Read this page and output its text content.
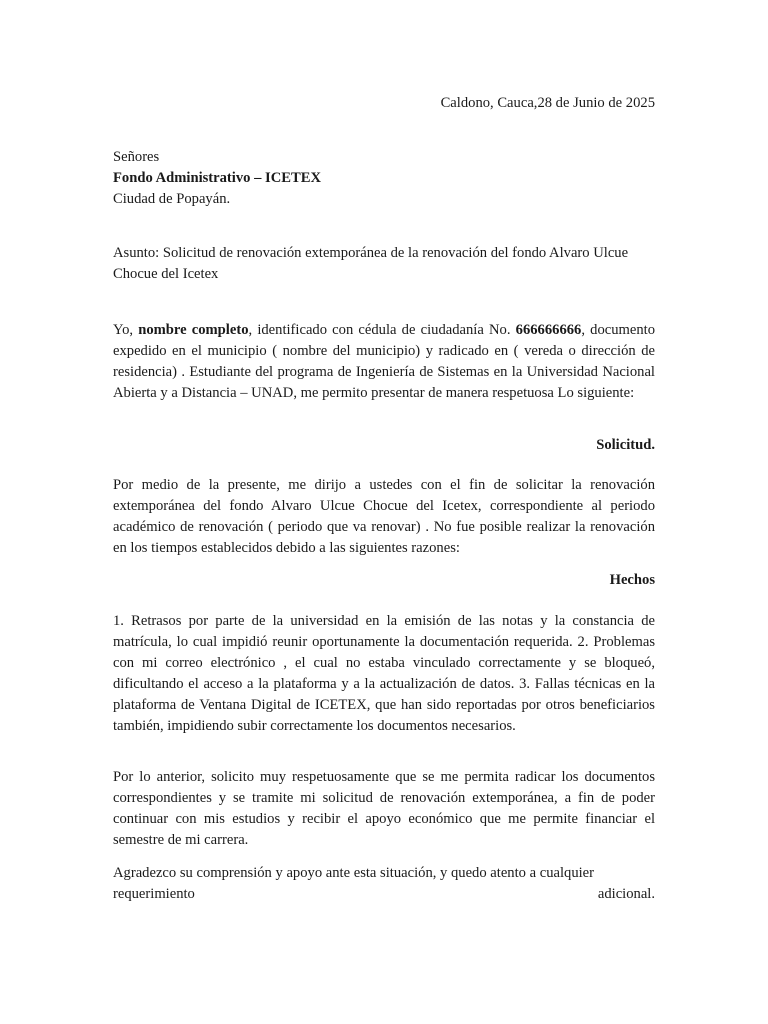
Caldono, Cauca,28 de Junio de 2025
Señores
Fondo Administrativo – ICETEX
Ciudad de Popayán.
Asunto: Solicitud de renovación extemporánea de la renovación del fondo Alvaro Ulcue Chocue del Icetex
Yo, nombre completo, identificado con cédula de ciudadanía No. 666666666, documento expedido en el municipio ( nombre del municipio) y radicado en ( vereda o dirección de residencia) . Estudiante del programa de Ingeniería de Sistemas en la Universidad Nacional Abierta y a Distancia – UNAD, me permito presentar de manera respetuosa Lo siguiente:
Solicitud.
Por medio de la presente, me dirijo a ustedes con el fin de solicitar la renovación extemporánea del fondo Alvaro Ulcue Chocue del Icetex, correspondiente al periodo académico de renovación ( periodo que va renovar) . No fue posible realizar la renovación en los tiempos establecidos debido a las siguientes razones:
Hechos
1. Retrasos por parte de la universidad en la emisión de las notas y la constancia de matrícula, lo cual impidió reunir oportunamente la documentación requerida. 2. Problemas con mi correo electrónico , el cual no estaba vinculado correctamente y se bloqueó, dificultando el acceso a la plataforma y a la actualización de datos. 3. Fallas técnicas en la plataforma de Ventana Digital de ICETEX, que han sido reportadas por otros beneficiarios también, impidiendo subir correctamente los documentos necesarios.
Por lo anterior, solicito muy respetuosamente que se me permita radicar los documentos correspondientes y se tramite mi solicitud de renovación extemporánea, a fin de poder continuar con mis estudios y recibir el apoyo económico que me permite financiar el semestre de mi carrera.
Agradezco su comprensión y apoyo ante esta situación, y quedo atento a cualquier
requerimiento	adicional.
